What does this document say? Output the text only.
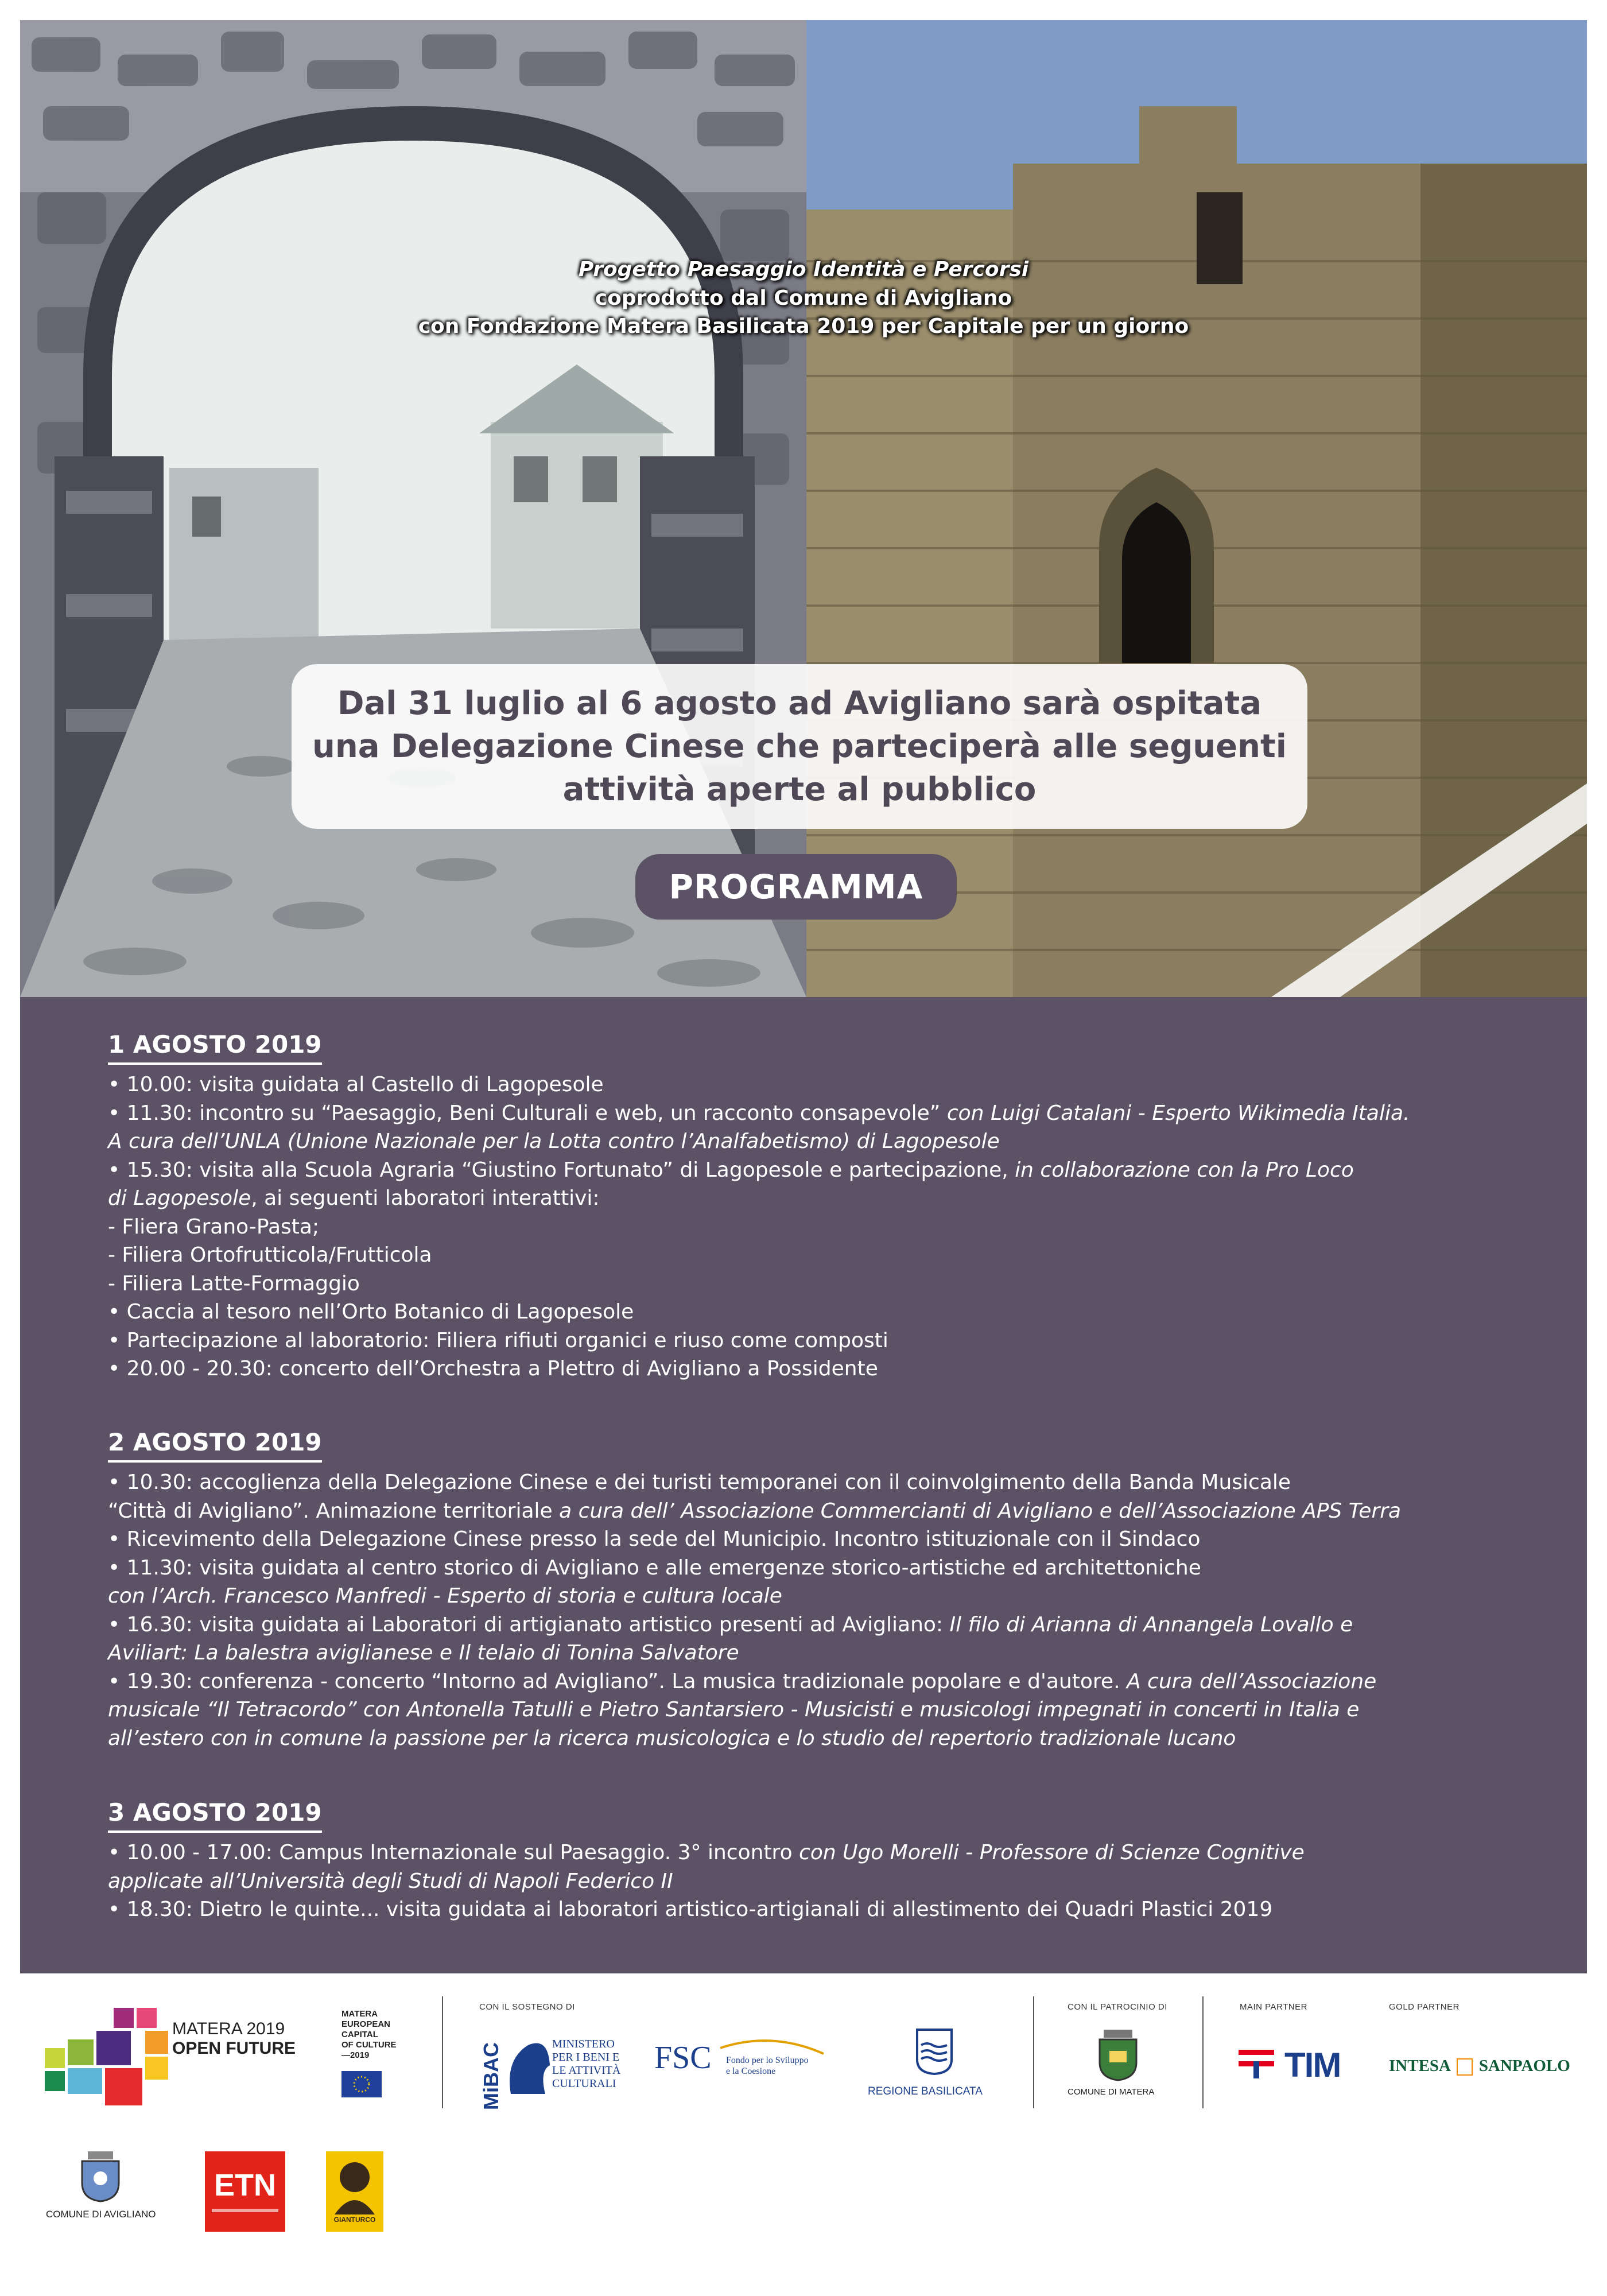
Progetto Paesaggio Identità e Percorsi
coprodotto dal Comune di Avigliano
con Fondazione Matera Basilicata 2019 per Capitale per un giorno
Dal 31 luglio al 6 agosto ad Avigliano sarà ospitata
una Delegazione Cinese che parteciperà alle seguenti
attività aperte al pubblico
PROGRAMMA
1 AGOSTO 2019
• 10.00: visita guidata al Castello di Lagopesole
• 11.30: incontro su “Paesaggio, Beni Culturali e web, un racconto consapevole” con Luigi Catalani - Esperto Wikimedia Italia.
A cura dell’UNLA (Unione Nazionale per la Lotta contro l’Analfabetismo) di Lagopesole
• 15.30: visita alla Scuola Agraria “Giustino Fortunato” di Lagopesole e partecipazione, in collaborazione con la Pro Loco
di Lagopesole, ai seguenti laboratori interattivi:
- Fliera Grano-Pasta;
- Filiera Ortofrutticola/Frutticola
- Filiera Latte-Formaggio
• Caccia al tesoro nell’Orto Botanico di Lagopesole
• Partecipazione al laboratorio: Filiera rifiuti organici e riuso come composti
• 20.00 - 20.30: concerto dell’Orchestra a Plettro di Avigliano a Possidente
2 AGOSTO 2019
• 10.30: accoglienza della Delegazione Cinese e dei turisti temporanei con il coinvolgimento della Banda Musicale
“Città di Avigliano”. Animazione territoriale a cura dell’ Associazione Commercianti di Avigliano e dell’Associazione APS Terra
• Ricevimento della Delegazione Cinese presso la sede del Municipio. Incontro istituzionale con il Sindaco
• 11.30: visita guidata al centro storico di Avigliano e alle emergenze storico-artistiche ed architettoniche
con l’Arch. Francesco Manfredi - Esperto di storia e cultura locale
• 16.30: visita guidata ai Laboratori di artigianato artistico presenti ad Avigliano: Il filo di Arianna di Annangela Lovallo e
Aviliart: La balestra aviglianese e Il telaio di Tonina Salvatore
• 19.30: conferenza - concerto “Intorno ad Avigliano”. La musica tradizionale popolare e d'autore. A cura dell’Associazione
musicale “Il Tetracordo” con Antonella Tatulli e Pietro Santarsiero - Musicisti e musicologi impegnati in concerti in Italia e
all’estero con in comune la passione per la ricerca musicologica e lo studio del repertorio tradizionale lucano
3 AGOSTO 2019
• 10.00 - 17.00: Campus Internazionale sul Paesaggio. 3° incontro con Ugo Morelli - Professore di Scienze Cognitive
applicate all’Università degli Studi di Napoli Federico II
• 18.30: Dietro le quinte... visita guidata ai laboratori artistico-artigianali di allestimento dei Quadri Plastici 2019
MATERA 2019
OPEN FUTURE
MATERA
EUROPEAN
CAPITAL
OF CULTURE
—2019
CON IL SOSTEGNO DI
MiBAC	MINISTERO
PER I BENI E
LE ATTIVITÀ
CULTURALI
FSC Fondo per lo Sviluppo
e la Coesione
REGIONE BASILICATA
CON IL PATROCINIO DI
COMUNE DI MATERA
MAIN PARTNER
TIM
GOLD PARTNER
INTESA SANPAOLO
COMUNE DI AVIGLIANO
ETN
GIANTURCO
